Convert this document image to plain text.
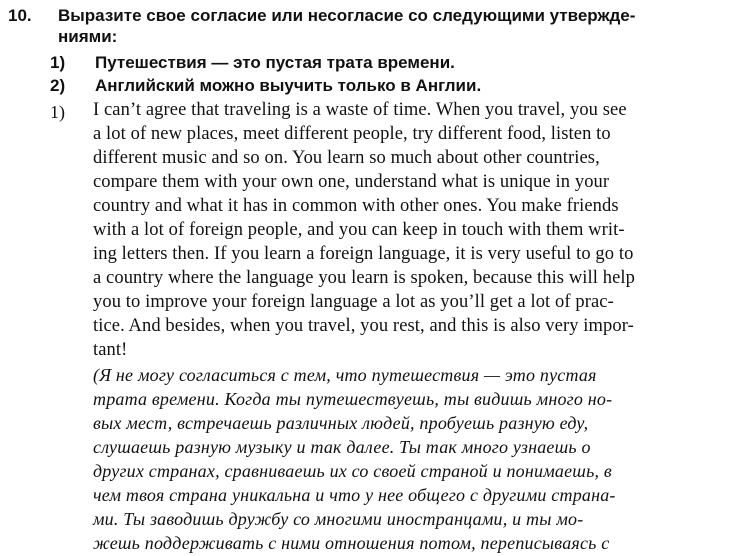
10. Выразите свое согласие или несогласие со следующими утвержде-
ниями:
1) Путешествия — это пустая трата времени.
2) Английский можно выучить только в Англии.
1) I can’t agree that traveling is a waste of time. When you travel, you see
a lot of new places, meet different people, try different food, listen to
different music and so on. You learn so much about other countries,
compare them with your own one, understand what is unique in your
country and what it has in common with other ones. You make friends
with a lot of foreign people, and you can keep in touch with them writ-
ing letters then. If you learn a foreign language, it is very useful to go to
a country where the language you learn is spoken, because this will help
you to improve your foreign language a lot as you’ll get a lot of prac-
tice. And besides, when you travel, you rest, and this is also very impor-
tant!
(Я не могу согласиться с тем, что путешествия — это пустая
трата времени. Когда ты путешествуешь, ты видишь много но-
вых мест, встречаешь различных людей, пробуешь разную еду,
слушаешь разную музыку и так далее. Ты так много узнаешь о
других странах, сравниваешь их со своей страной и понимаешь, в
чем твоя страна уникальна и что у нее общего с другими страна-
ми. Ты заводишь дружбу со многими иностранцами, и ты мо-
жешь поддерживать с ними отношения потом, переписываясь с
